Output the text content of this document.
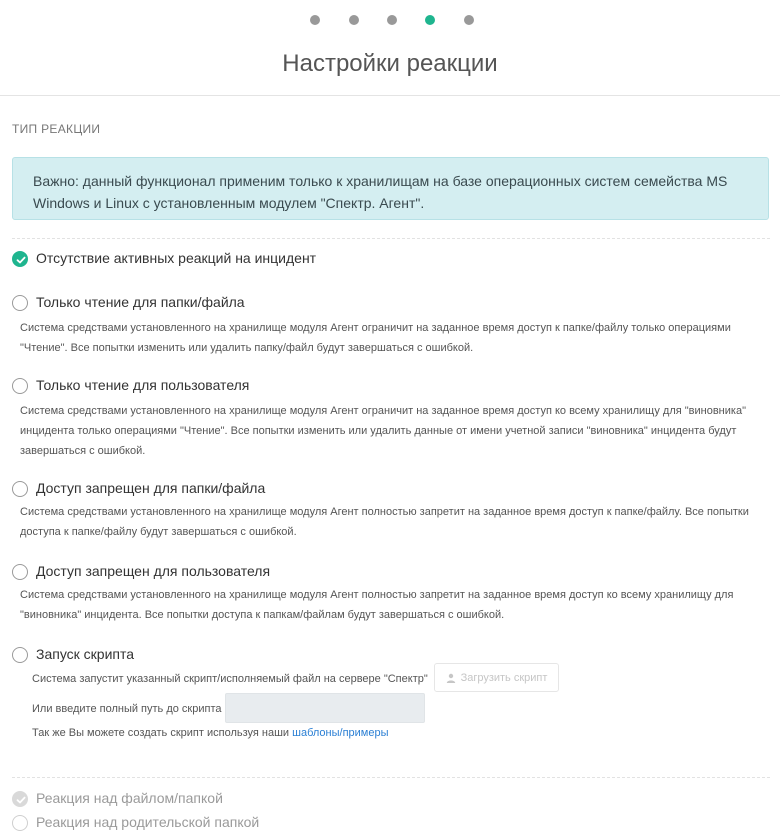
Настройки реакции
ТИП РЕАКЦИИ
Важно: данный функционал применим только к хранилищам на базе операционных систем семейства MS Windows и Linux с установленным модулем "Спектр. Агент".
Отсутствие активных реакций на инцидент
Только чтение для папки/файла
Система средствами установленного на хранилище модуля Агент ограничит на заданное время доступ к папке/файлу только операциями "Чтение". Все попытки изменить или удалить папку/файл будут завершаться с ошибкой.
Только чтение для пользователя
Система средствами установленного на хранилище модуля Агент ограничит на заданное время доступ ко всему хранилищу для "виновника" инцидента только операциями "Чтение". Все попытки изменить или удалить данные от имени учетной записи "виновника" инцидента будут завершаться с ошибкой.
Доступ запрещен для папки/файла
Система средствами установленного на хранилище модуля Агент полностью запретит на заданное время доступ к папке/файлу. Все попытки доступа к папке/файлу будут завершаться с ошибкой.
Доступ запрещен для пользователя
Система средствами установленного на хранилище модуля Агент полностью запретит на заданное время доступ ко всему хранилищу для "виновника" инцидента. Все попытки доступа к папкам/файлам будут завершаться с ошибкой.
Запуск скрипта
Система запустит указанный скрипт/исполняемый файл на сервере "Спектр"	Загрузить скрипт
Или введите полный путь до скрипта
Так же Вы можете создать скрипт используя наши шаблоны/примеры
Реакция над файлом/папкой
Реакция над родительской папкой
